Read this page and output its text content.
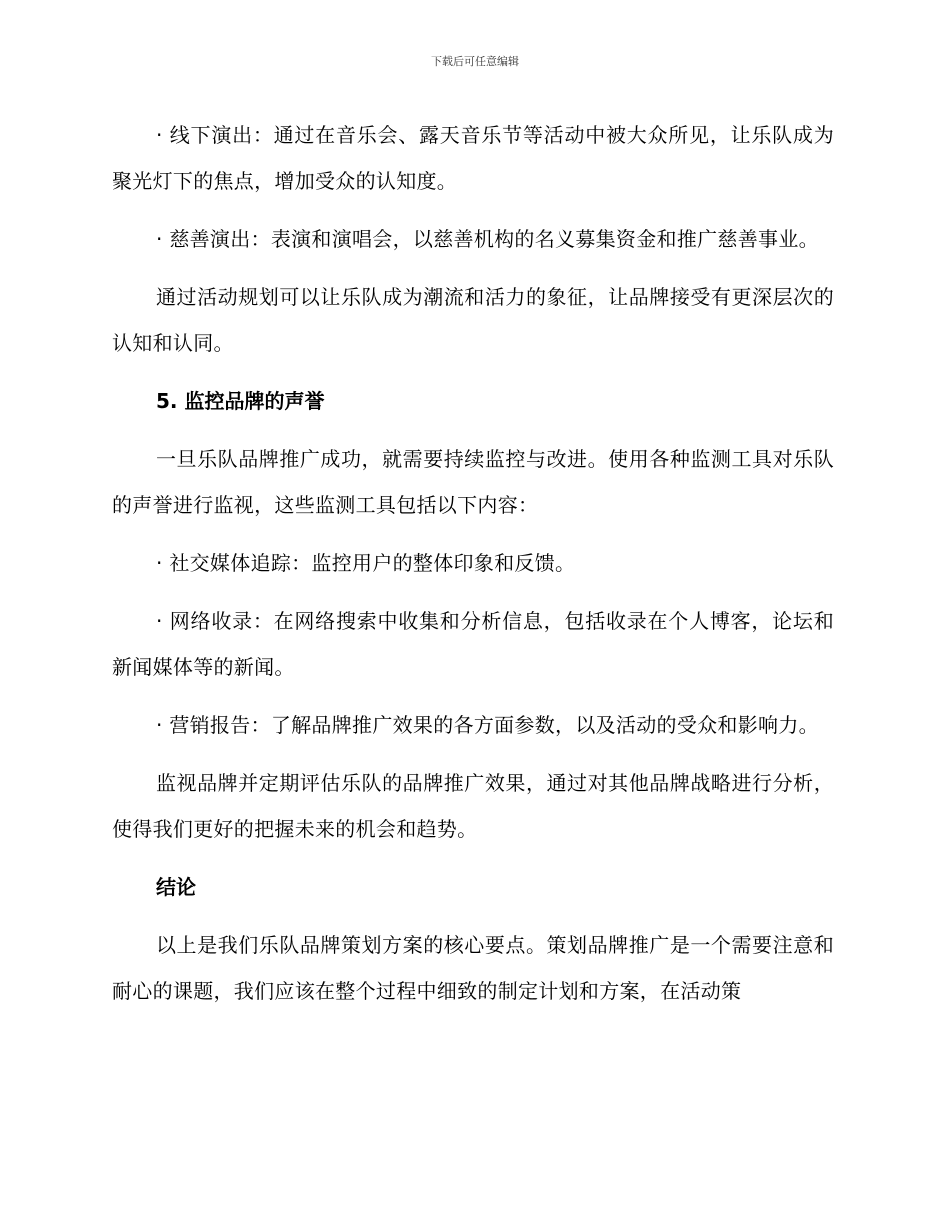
下载后可任意编辑

· 线下演出：通过在音乐会、露天音乐节等活动中被大众所见，让乐队成为聚光灯下的焦点，增加受众的认知度。

· 慈善演出：表演和演唱会，以慈善机构的名义募集资金和推广慈善事业。

通过活动规划可以让乐队成为潮流和活力的象征，让品牌接受有更深层次的认知和认同。

5. 监控品牌的声誉

一旦乐队品牌推广成功，就需要持续监控与改进。使用各种监测工具对乐队的声誉进行监视，这些监测工具包括以下内容：

· 社交媒体追踪：监控用户的整体印象和反馈。

· 网络收录：在网络搜索中收集和分析信息，包括收录在个人博客，论坛和新闻媒体等的新闻。

· 营销报告：了解品牌推广效果的各方面参数，以及活动的受众和影响力。

监视品牌并定期评估乐队的品牌推广效果，通过对其他品牌战略进行分析，使得我们更好的把握未来的机会和趋势。

结论

以上是我们乐队品牌策划方案的核心要点。策划品牌推广是一个需要注意和耐心的课题，我们应该在整个过程中细致的制定计划和方案，在活动策
